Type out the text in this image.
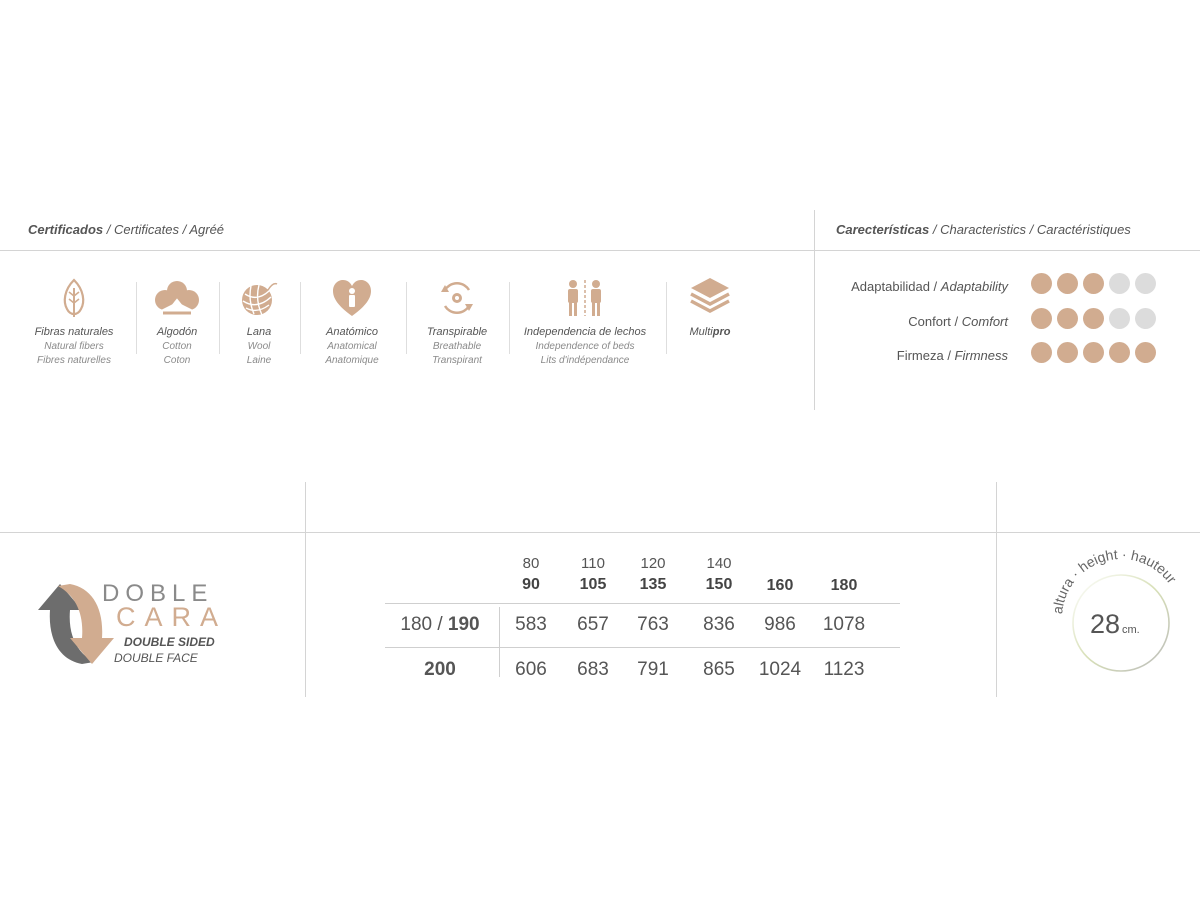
Certificados / Certificates / Agréé	Carecterísticas / Characteristics / Caractéristiques
Fibras naturales
Natural fibers
Fibres naturelles
Algodón
Cotton
Coton
Lana
Wool
Laine
Anatómico
Anatomical
Anatomique
Transpirable
Breathable
Transpirant
Independencia de lechos
Independence of beds
Lits d'indépendance
Multipro
Adaptabilidad / Adaptability
Confort / Comfort
Firmeza / Firmness
DOBLE
CARA
DOUBLE SIDED
DOUBLE FACE
80	110	120	140
90	105	135	150	160	180
180 / 190	583	657	763	836	986	1078
200	606	683	791	865	1024	1123
altura · height · hauteur
28 cm.
